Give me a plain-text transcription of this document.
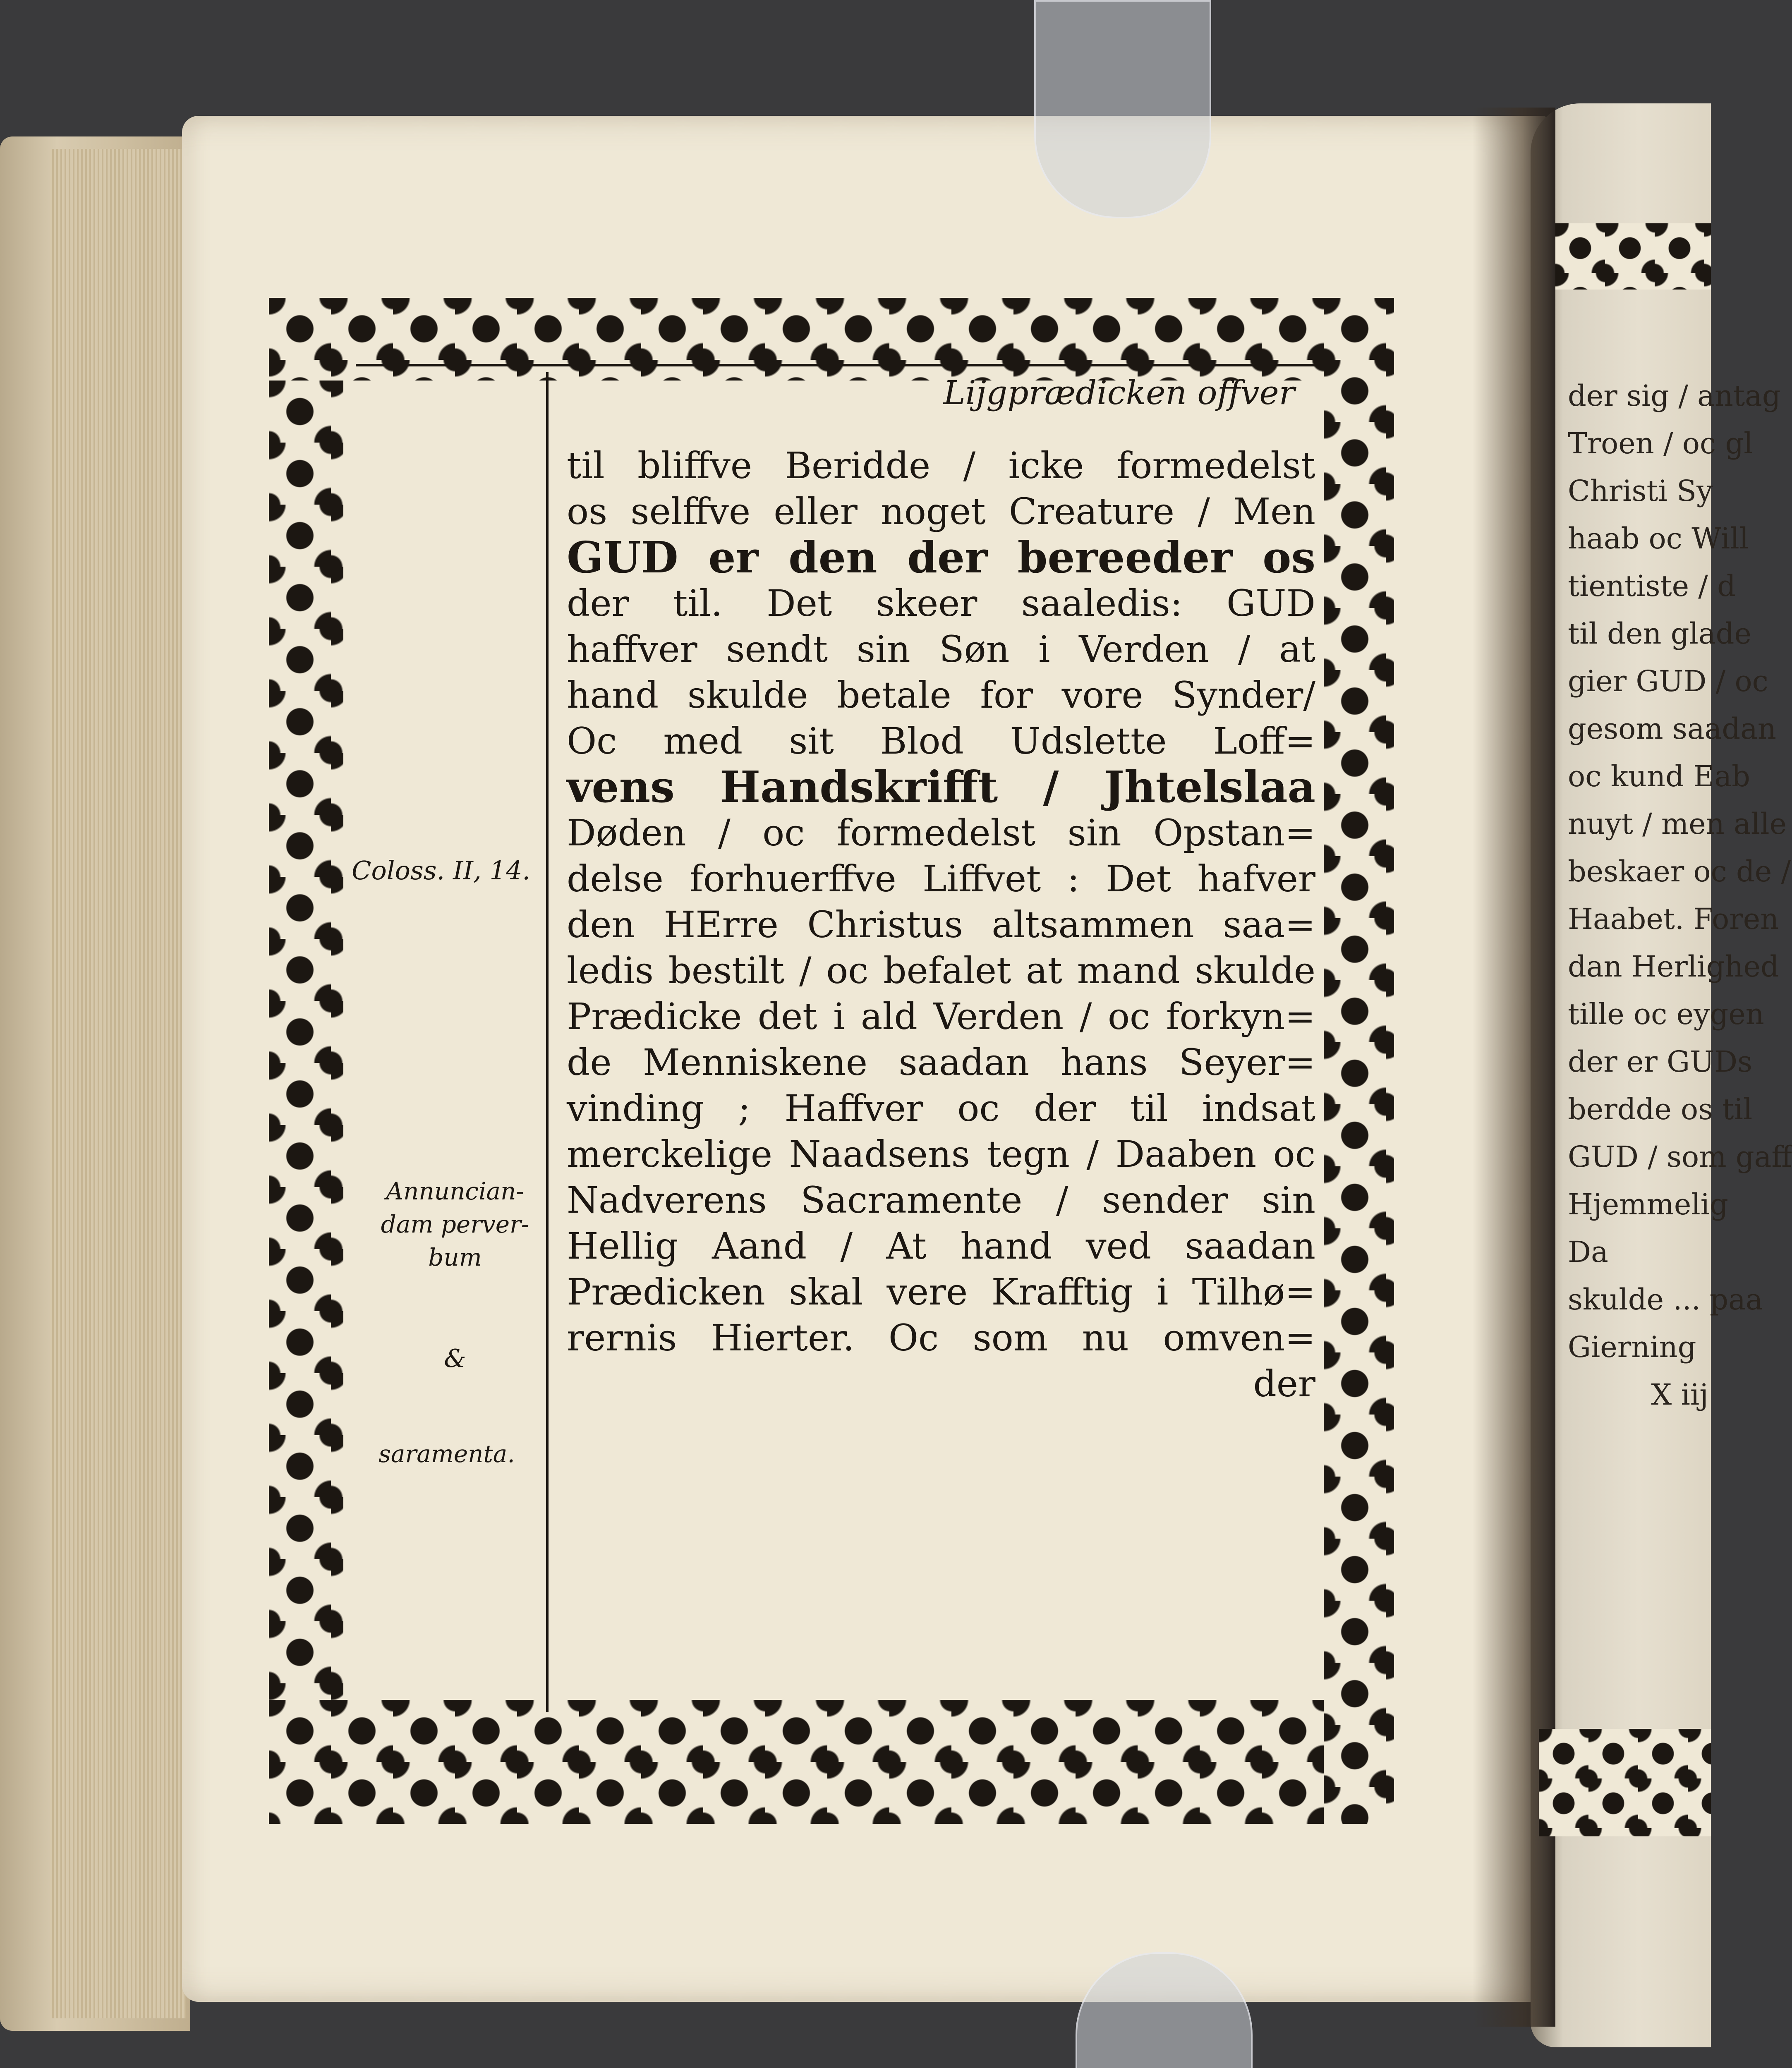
Lijgprædicken offver
til bliffve Beridde / icke formedelst
os selffve eller noget Creature / Men
GUD er den der bereeder os
der til. Det skeer saaledis: GUD
haffver sendt sin Søn i Verden / at
hand skulde betale for vore Synder/
Oc med sit Blod Udslette Loff=
vens Handskrifft / Jhtelslaa
Døden / oc formedelst sin Opstan=
delse forhuerffve Liffvet : Det hafver
den HErre Christus altsammen saa=
ledis bestilt / oc befalet at mand skulde
Prædicke det i ald Verden / oc forkyn=
de Menniskene saadan hans Seyer=
vinding ; Haffver oc der til indsat
merckelige Naadsens tegn / Daaben oc
Nadverens Sacramente / sender sin
Hellig Aand / At hand ved saadan
Prædicken skal vere Krafftig i Tilhø=
rernis Hierter. Oc som nu omven=
der
Coloss. II, 14.
Annuncian-dam perver-bum
&
saramenta.
der sig / antag
Troen / oc gl
Christi Sy
haab oc Will
tientiste / d
til den glade
gier GUD / oc
gesom saadan
oc kund Eab
nuyt / men alle
beskaer oc de /
Haabet. Foren
dan Herlighed
tille oc eygen
der er GUDs
berdde os til
GUD / som gaff
Hjemmelig
Da
skulde ... paa
Gierning
X iij
